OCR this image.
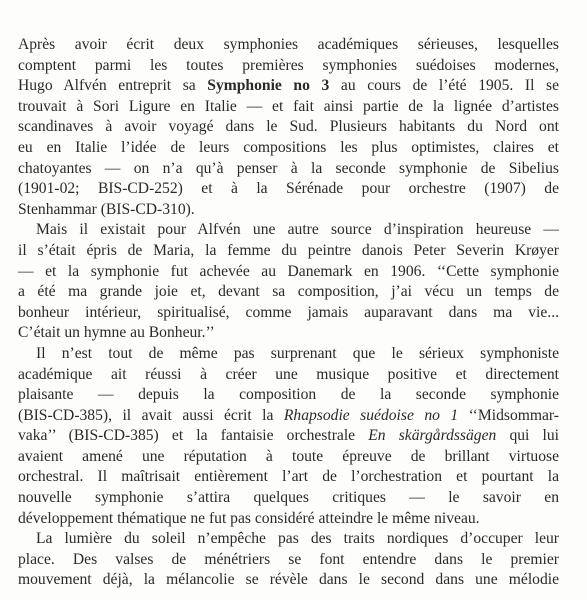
Après avoir écrit deux symphonies académiques sérieuses, lesquelles
comptent parmi les toutes premières symphonies suédoises modernes,
Hugo Alfvén entreprit sa Symphonie no 3 au cours de l’été 1905. Il se
trouvait à Sori Ligure en Italie — et fait ainsi partie de la lignée d’artistes
scandinaves à avoir voyagé dans le Sud. Plusieurs habitants du Nord ont
eu en Italie l’idée de leurs compositions les plus optimistes, claires et
chatoyantes — on n’a qu’à penser à la seconde symphonie de Sibelius
(1901-02; BIS-CD-252) et à la Sérénade pour orchestre (1907) de
Stenhammar (BIS-CD-310).
Mais il existait pour Alfvén une autre source d’inspiration heureuse —
il s’était épris de Maria, la femme du peintre danois Peter Severin Krøyer
— et la symphonie fut achevée au Danemark en 1906. ‘‘Cette symphonie
a été ma grande joie et, devant sa composition, j’ai vécu un temps de
bonheur intérieur, spiritualisé, comme jamais auparavant dans ma vie...
C’était un hymne au Bonheur.’’
Il n’est tout de même pas surprenant que le sérieux symphoniste
académique ait réussi à créer une musique positive et directement
plaisante — depuis la composition de la seconde symphonie
(BIS-CD-385), il avait aussi écrit la Rhapsodie suédoise no 1 ‘‘Midsommar-
vaka’’ (BIS-CD-385) et la fantaisie orchestrale En skärgårdssägen qui lui
avaient amené une réputation à toute épreuve de brillant virtuose
orchestral. Il maîtrisait entièrement l’art de l’orchestration et pourtant la
nouvelle symphonie s’attira quelques critiques — le savoir en
développement thématique ne fut pas considéré atteindre le même niveau.
La lumière du soleil n’empêche pas des traits nordiques d’occuper leur
place. Des valses de ménétriers se font entendre dans le premier
mouvement déjà, la mélancolie se révèle dans le second dans une mélodie
